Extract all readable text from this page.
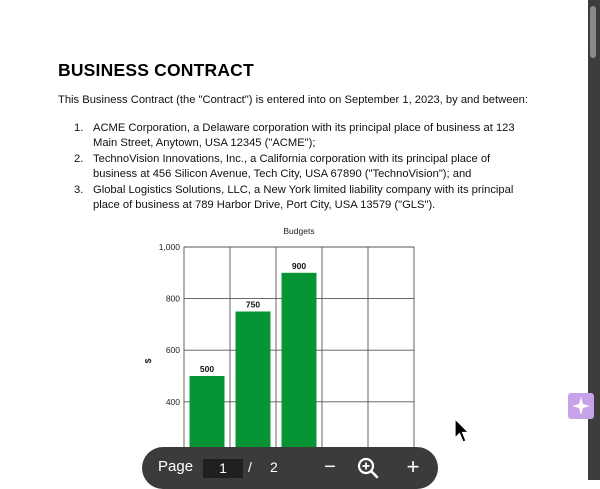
BUSINESS CONTRACT
This Business Contract (the "Contract") is entered into on September 1, 2023, by and between:
1. ACME Corporation, a Delaware corporation with its principal place of business at 123
Main Street, Anytown, USA 12345 ("ACME");
2. TechnoVision Innovations, Inc., a California corporation with its principal place of
business at 456 Silicon Avenue, Tech City, USA 67890 ("TechnoVision"); and
3. Global Logistics Solutions, LLC, a New York limited liability company with its principal
place of business at 789 Harbor Drive, Port City, USA 13579 ("GLS").
400
600
800
1,000
500
750
900
Budgets
$
Page	1	/ 2	−	+
